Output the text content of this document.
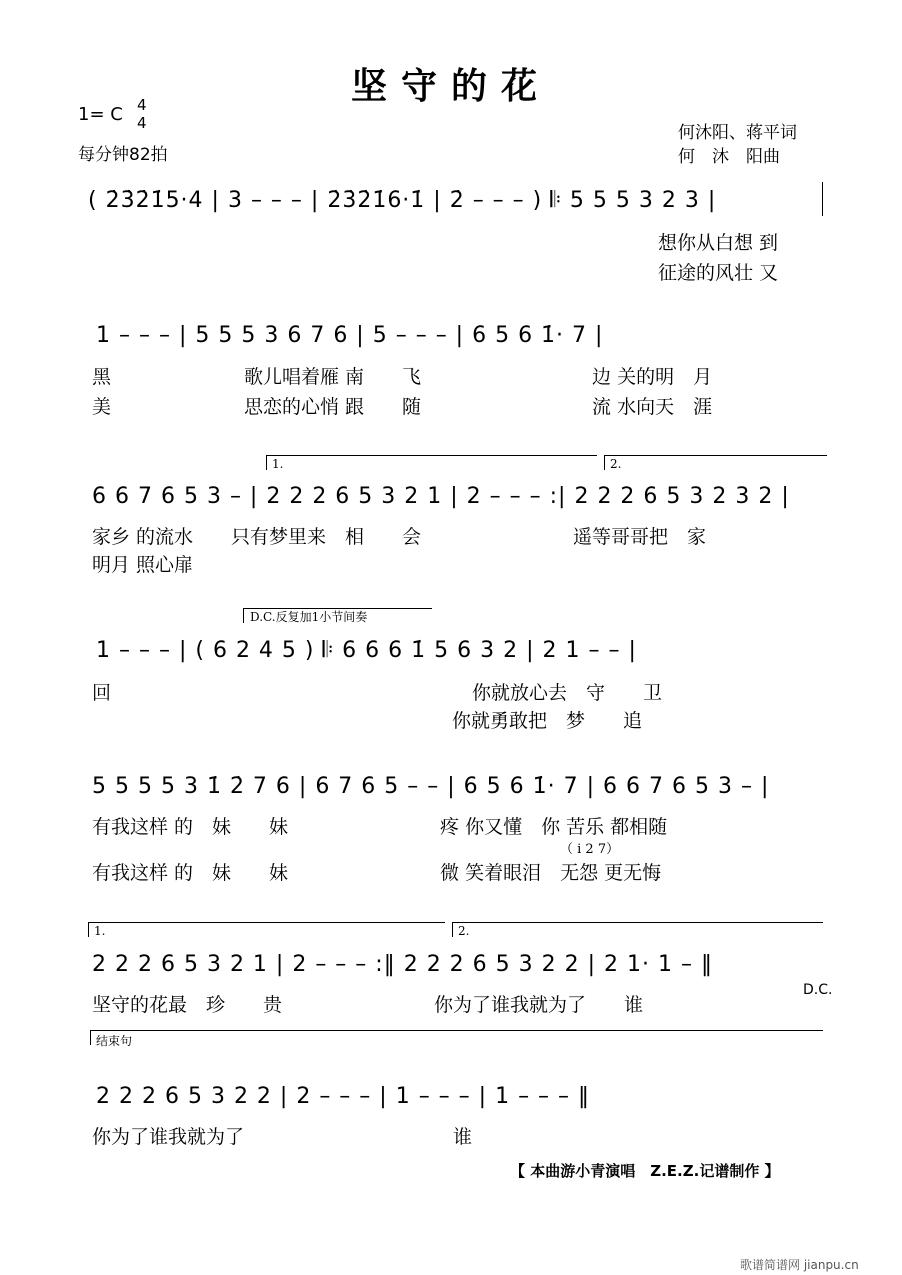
坚守的花
1= C 4
4
每分钟82拍
何沐阳、蒋平词
何　沐　阳曲
( 2̇3̇2̇1̇5·4 | 3 – – – | 2̇3̇2̇1̇6·1̇ | 2̇ – – – ) 𝄆 5 5 5 3 2 3 |
想你从白想 到
征途的风壮 又
1 – – – | 5 5 5 3 6 7 6 | 5 – – – | 6 5 6 1̇· 7 |
黑　　　　　　　歌儿唱着雁 南　　飞　　　　　　　　　边 关的明　月
美　　　　　　　思恋的心悄 跟　　随　　　　　　　　　流 水向天　涯
1.	2.
6 6 7 6 5 3 – | 2 2 2 6 5 3 2 1 | 2 – – – :| 2 2 2 6 5 3 2 3 2 |
家乡 的流水　　只有梦里来　相　　会　　　　　　　　遥等哥哥把　家
明月 照心扉
D.C.反复加1小节间奏
1 – – – | ( 6 2 4 5 ) 𝄆 6 6 6 1̇ 5 6 3 2 | 2 1 – – |
回　　　　　　　　　　　　　　　　　　　你就放心去　守　　卫
你就勇敢把　梦　　追
5 5 5 5 3 1̇ 2̇ 7 6 | 6 7 6 5 – – | 6 5 6 1̇· 7 | 6 6 7 6 5 3 – |
有我这样 的　妹　　妹　　　　　　　　疼 你又懂　你 苦乐 都相随
（ i 2 7）
有我这样 的　妹　　妹　　　　　　　　微 笑着眼泪　无怨 更无悔
1.	2.
2 2 2 6 5 3 2 1 | 2 – – – :‖ 2 2 2 6 5 3 2 2 | 2 1· 1 – ‖
坚守的花最　珍　　贵　　　　　　　　你为了谁我就为了　　谁
D.C.
结束句
2 2 2 6 5 3 2 2 | 2 – – – | 1 – – – | 1 – – – ‖
你为了谁我就为了　　　　　　　　　　　谁
【 本曲游小青演唱　Z.E.Z.记谱制作 】
歌谱简谱网 jianpu.cn
